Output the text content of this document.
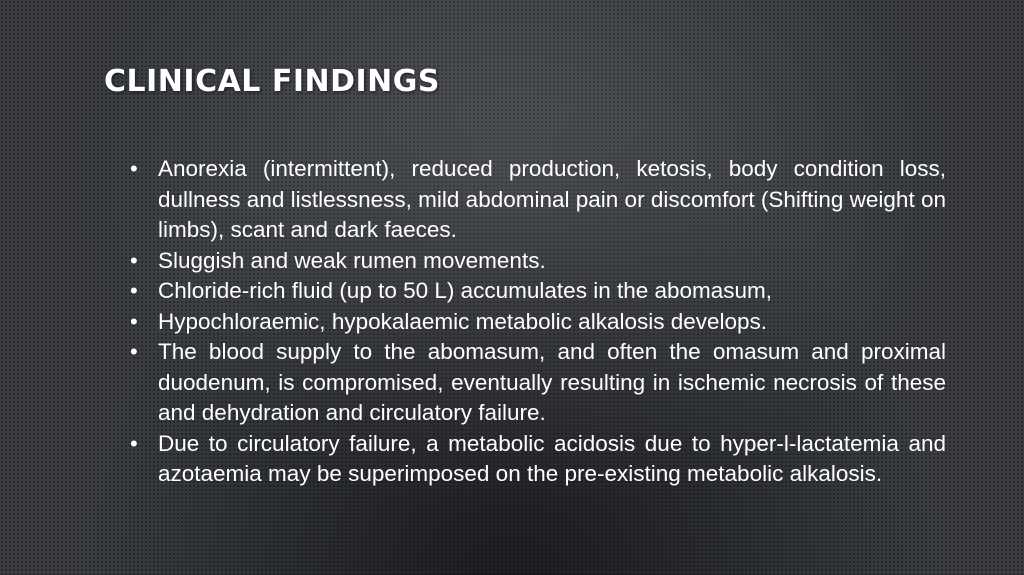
CLINICAL FINDINGS
• Anorexia (intermittent), reduced production, ketosis, body condition loss, dullness and listlessness, mild abdominal pain or discomfort (Shifting weight on limbs), scant and dark faeces.
• Sluggish and weak rumen movements.
• Chloride-rich fluid (up to 50 L) accumulates in the abomasum,
• Hypochloraemic, hypokalaemic metabolic alkalosis develops.
• The blood supply to the abomasum, and often the omasum and proximal duodenum, is compromised, eventually resulting in ischemic necrosis of these and dehydration and circulatory failure.
• Due to circulatory failure, a metabolic acidosis due to hyper-l-lactatemia and azotaemia may be superimposed on the pre-existing metabolic alkalosis.
